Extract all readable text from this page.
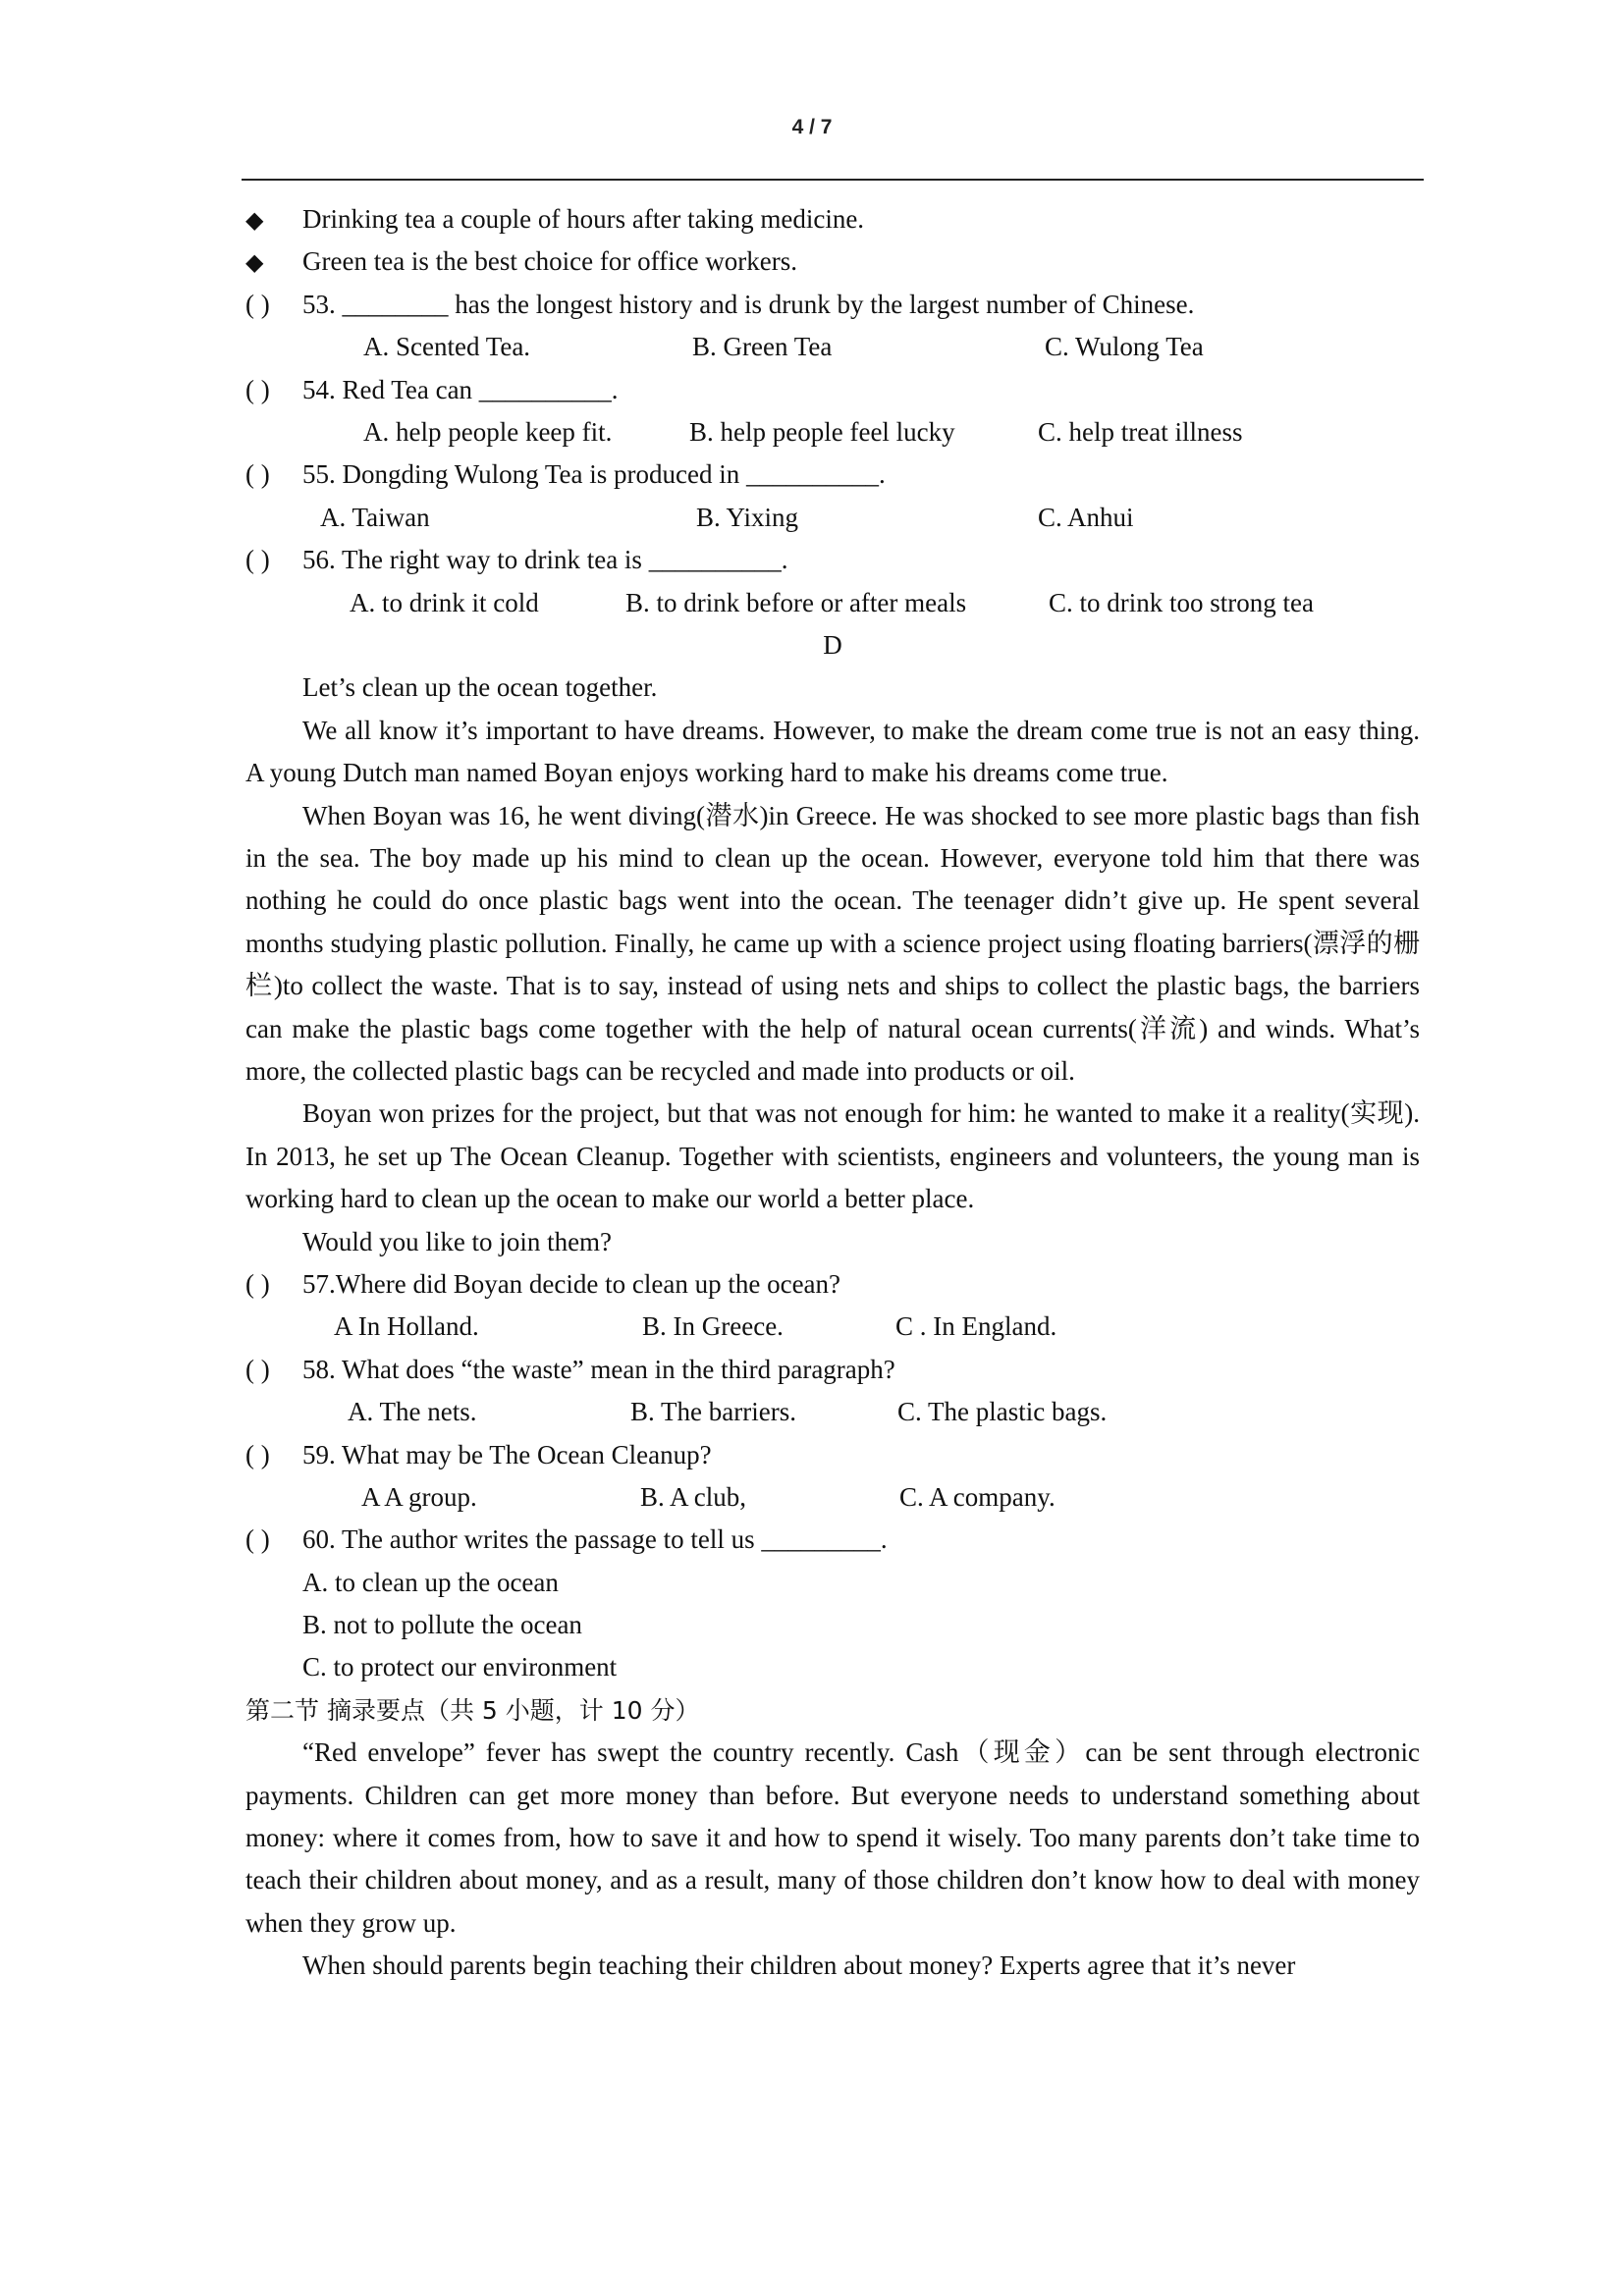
4 / 7
◆ Drinking tea a couple of hours after taking medicine.
◆ Green tea is the best choice for office workers.
( ) 53. ________ has the longest history and is drunk by the largest number of Chinese.
A. Scented Tea.	B. Green Tea	C. Wulong Tea
( ) 54. Red Tea can __________.
A. help people keep fit.	B. help people feel lucky	C. help treat illness
( ) 55. Dongding Wulong Tea is produced in __________.
A. Taiwan	B. Yixing	C. Anhui
( ) 56. The right way to drink tea is __________.
A. to drink it cold	B. to drink before or after meals	C. to drink too strong tea
D
Let’s clean up the ocean together.

We all know it’s important to have dreams. However, to make the dream come true is not an easy thing. A young Dutch man named Boyan enjoys working hard to make his dreams come true.

When Boyan was 16, he went diving(潜水)in Greece. He was shocked to see more plastic bags than fish in the sea. The boy made up his mind to clean up the ocean. However, everyone told him that there was nothing he could do once plastic bags went into the ocean. The teenager didn’t give up. He spent several months studying plastic pollution. Finally, he came up with a science project using floating barriers(漂浮的栅栏)to collect the waste. That is to say, instead of using nets and ships to collect the plastic bags, the barriers can make the plastic bags come together with the help of natural ocean currents(洋流) and winds. What’s more, the collected plastic bags can be recycled and made into products or oil.

Boyan won prizes for the project, but that was not enough for him: he wanted to make it a reality(实现). In 2013, he set up The Ocean Cleanup. Together with scientists, engineers and volunteers, the young man is working hard to clean up the ocean to make our world a better place.

Would you like to join them?
( ) 57.Where did Boyan decide to clean up the ocean?
A In Holland.	B. In Greece.	C . In England.
( ) 58. What does “the waste” mean in the third paragraph?
A. The nets.	B. The barriers.	C. The plastic bags.
( ) 59. What may be The Ocean Cleanup?
A A group.	B. A club,	C. A company.
( ) 60. The author writes the passage to tell us _________.
A. to clean up the ocean
B. not to pollute the ocean
C. to protect our environment
第二节 摘录要点（共 5 小题，计 10 分）

“Red envelope” fever has swept the country recently. Cash（现金）can be sent through electronic payments. Children can get more money than before. But everyone needs to understand something about money: where it comes from, how to save it and how to spend it wisely. Too many parents don’t take time to teach their children about money, and as a result, many of those children don’t know how to deal with money when they grow up.

When should parents begin teaching their children about money? Experts agree that it’s never
